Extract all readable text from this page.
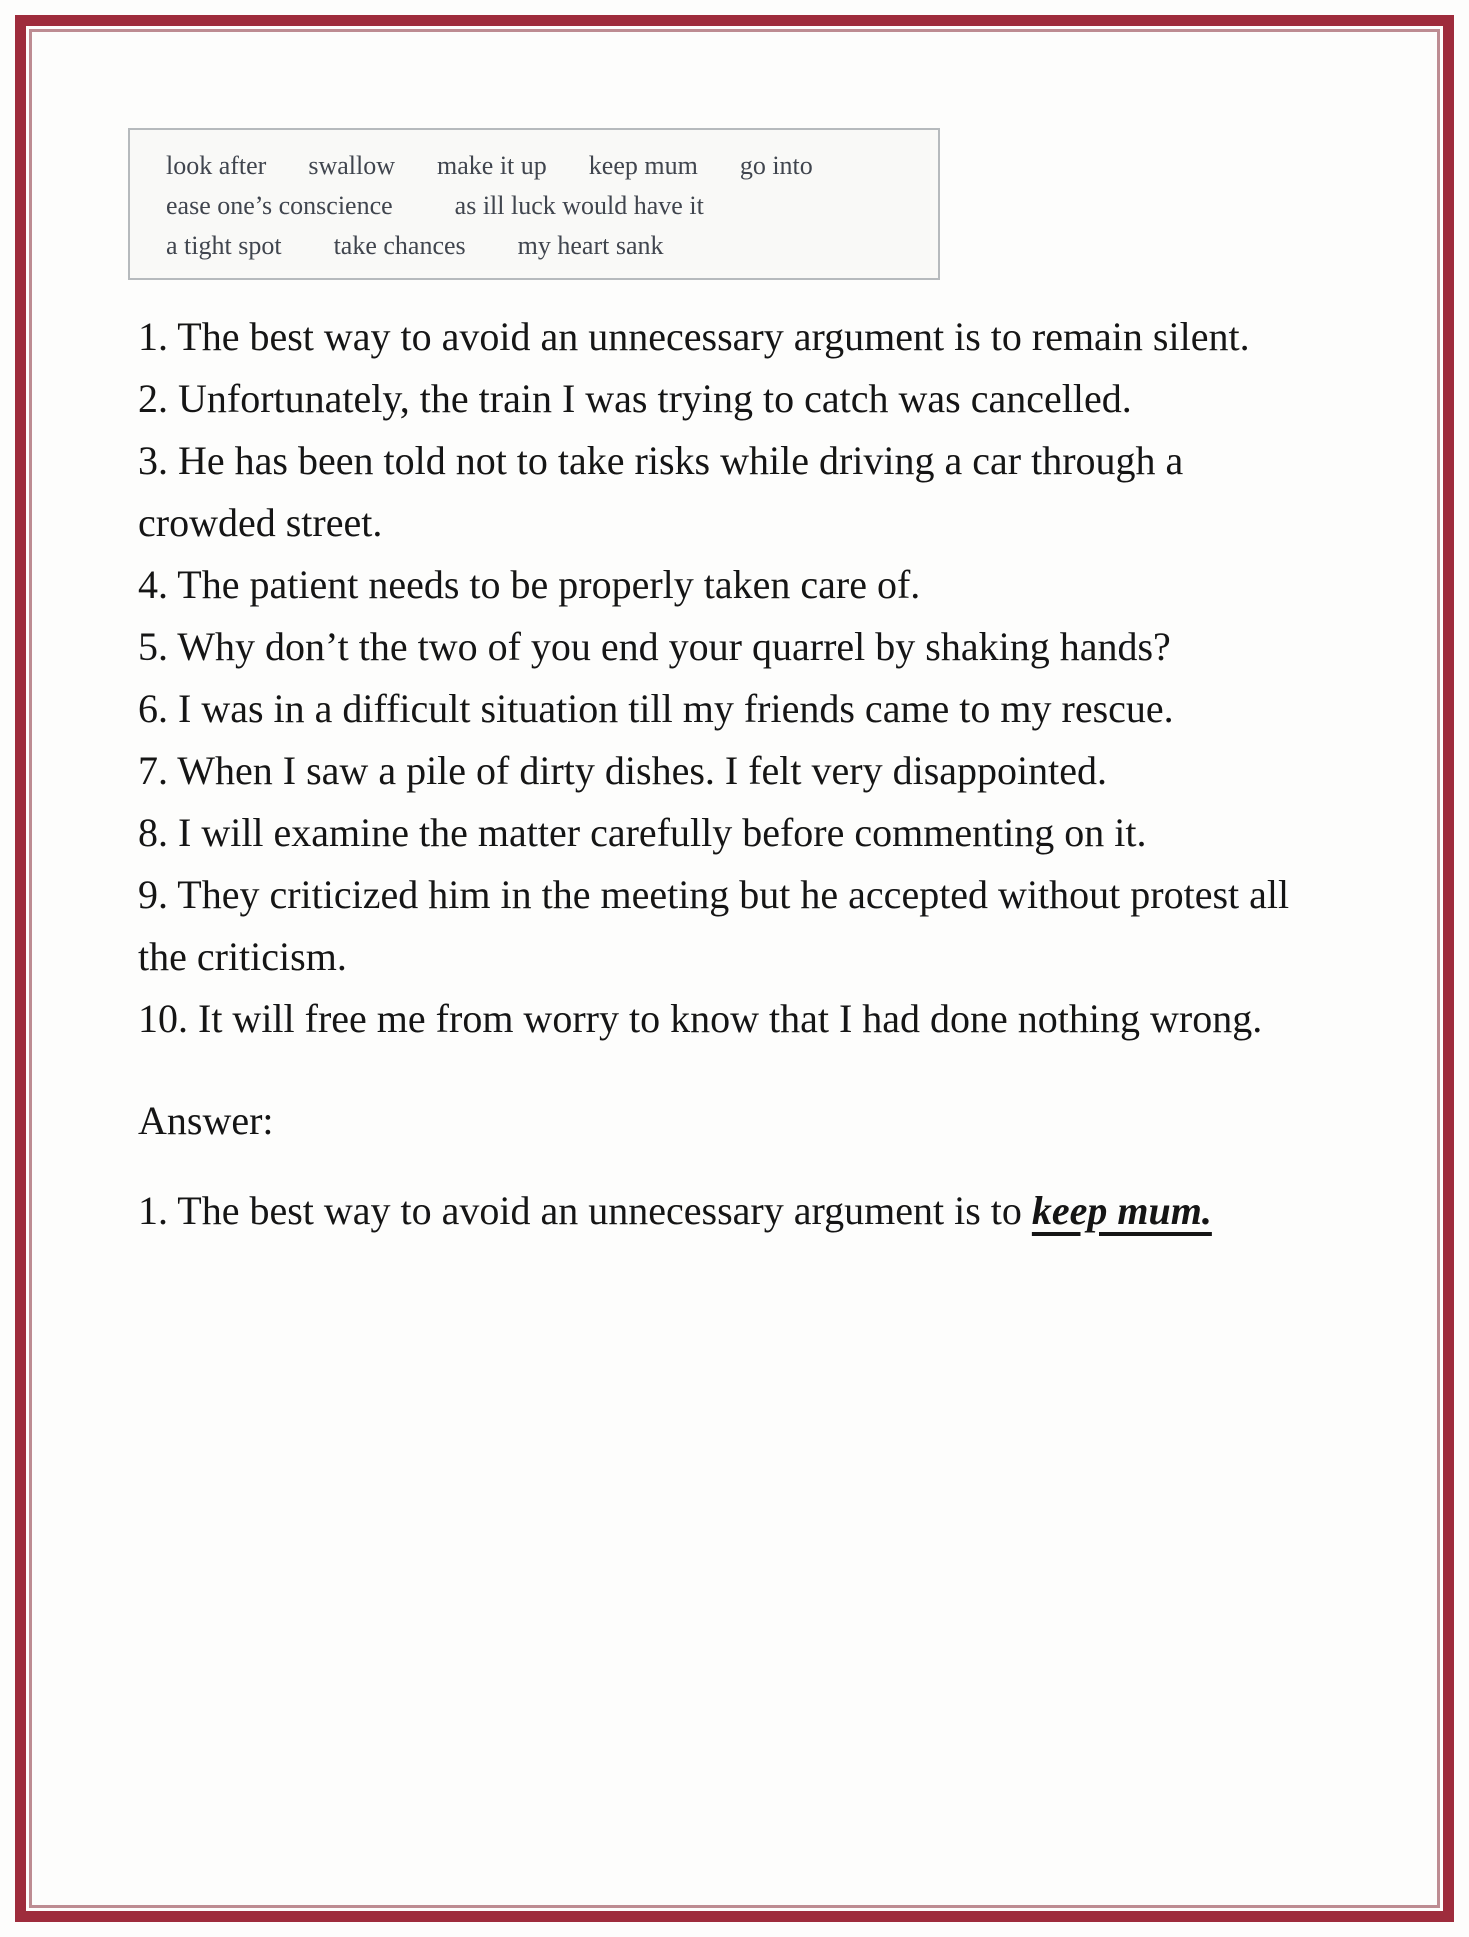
look after swallow make it up keep mum go into
ease one’s conscience as ill luck would have it
a tight spot take chances my heart sank

1. The best way to avoid an unnecessary argument is to remain silent.

2. Unfortunately, the train I was trying to catch was cancelled.

3. He has been told not to take risks while driving a car through a crowded street.

4. The patient needs to be properly taken care of.

5. Why don’t the two of you end your quarrel by shaking hands?

6. I was in a difficult situation till my friends came to my rescue.

7. When I saw a pile of dirty dishes. I felt very disappointed.

8. I will examine the matter carefully before commenting on it.

9. They criticized him in the meeting but he accepted without protest all the criticism.

10. It will free me from worry to know that I had done nothing wrong.

Answer:

1. The best way to avoid an unnecessary argument is to keep mum.
